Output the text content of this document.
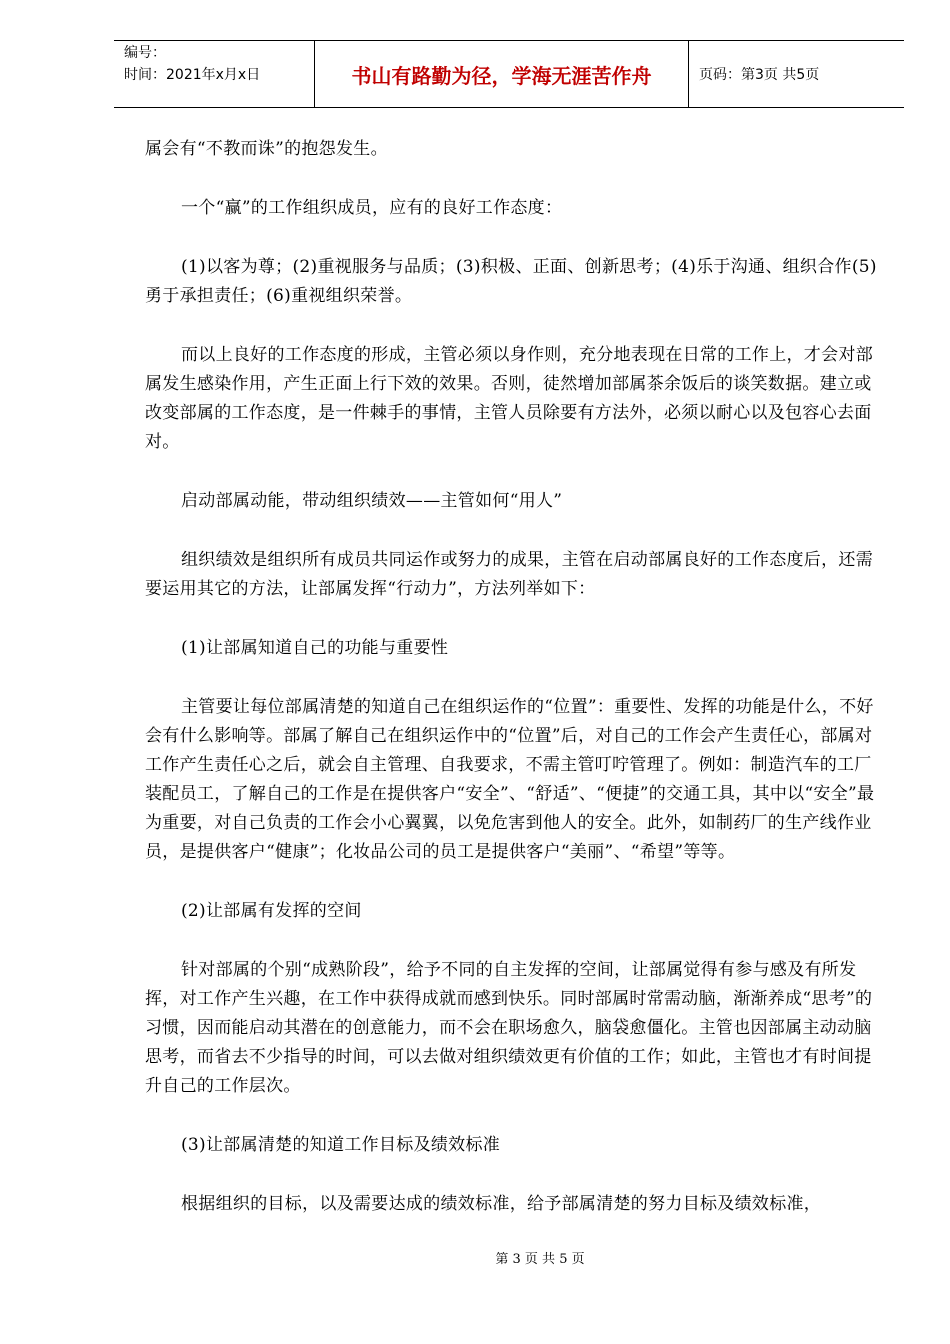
编号：
时间：2021年x月x日	书山有路勤为径，学海无涯苦作舟	页码：第3页 共5页

属会有“不教而诛”的抱怨发生。

一个“赢”的工作组织成员，应有的良好工作态度：

(1)以客为尊；(2)重视服务与品质；(3)积极、正面、创新思考；(4)乐于沟通、组织合作(5)勇于承担责任；(6)重视组织荣誉。

而以上良好的工作态度的形成，主管必须以身作则，充分地表现在日常的工作上，才会对部属发生感染作用，产生正面上行下效的效果。否则，徒然增加部属茶余饭后的谈笑数据。建立或改变部属的工作态度，是一件棘手的事情，主管人员除要有方法外，必须以耐心以及包容心去面对。

启动部属动能，带动组织绩效——主管如何“用人”

组织绩效是组织所有成员共同运作或努力的成果，主管在启动部属良好的工作态度后，还需要运用其它的方法，让部属发挥“行动力”，方法列举如下：

(1)让部属知道自己的功能与重要性

主管要让每位部属清楚的知道自己在组织运作的“位置”：重要性、发挥的功能是什么，不好会有什么影响等。部属了解自己在组织运作中的“位置”后，对自己的工作会产生责任心，部属对工作产生责任心之后，就会自主管理、自我要求，不需主管叮咛管理了。例如：制造汽车的工厂装配员工，了解自己的工作是在提供客户“安全”、“舒适”、“便捷”的交通工具，其中以“安全”最为重要，对自己负责的工作会小心翼翼，以免危害到他人的安全。此外，如制药厂的生产线作业员，是提供客户“健康”；化妆品公司的员工是提供客户“美丽”、“希望”等等。

(2)让部属有发挥的空间

针对部属的个别“成熟阶段”，给予不同的自主发挥的空间，让部属觉得有参与感及有所发挥，对工作产生兴趣，在工作中获得成就而感到快乐。同时部属时常需动脑，渐渐养成“思考”的习惯，因而能启动其潜在的创意能力，而不会在职场愈久，脑袋愈僵化。主管也因部属主动动脑思考，而省去不少指导的时间，可以去做对组织绩效更有价值的工作；如此，主管也才有时间提升自己的工作层次。

(3)让部属清楚的知道工作目标及绩效标准

根据组织的目标，以及需要达成的绩效标准，给予部属清楚的努力目标及绩效标准，

第 3 页 共 5 页
